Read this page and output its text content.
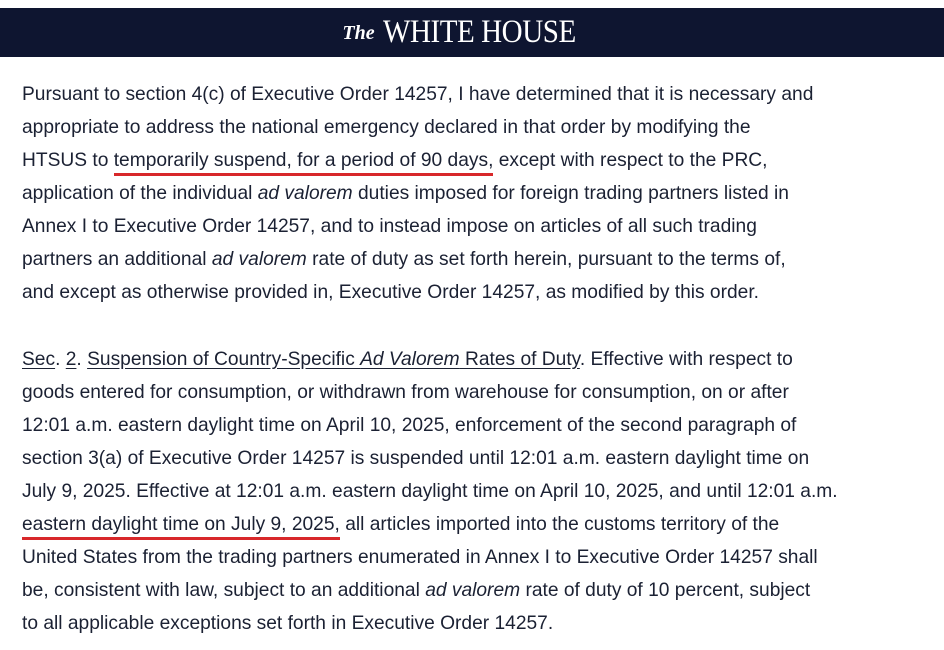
The WHITE HOUSE
Pursuant to section 4(c) of Executive Order 14257, I have determined that it is necessary and
appropriate to address the national emergency declared in that order by modifying the
HTSUS to temporarily suspend, for a period of 90 days, except with respect to the PRC,
application of the individual ad valorem duties imposed for foreign trading partners listed in
Annex I to Executive Order 14257, and to instead impose on articles of all such trading
partners an additional ad valorem rate of duty as set forth herein, pursuant to the terms of,
and except as otherwise provided in, Executive Order 14257, as modified by this order.
Sec. 2. Suspension of Country-Specific Ad Valorem Rates of Duty. Effective with respect to
goods entered for consumption, or withdrawn from warehouse for consumption, on or after
12:01 a.m. eastern daylight time on April 10, 2025, enforcement of the second paragraph of
section 3(a) of Executive Order 14257 is suspended until 12:01 a.m. eastern daylight time on
July 9, 2025. Effective at 12:01 a.m. eastern daylight time on April 10, 2025, and until 12:01 a.m.
eastern daylight time on July 9, 2025, all articles imported into the customs territory of the
United States from the trading partners enumerated in Annex I to Executive Order 14257 shall
be, consistent with law, subject to an additional ad valorem rate of duty of 10 percent, subject
to all applicable exceptions set forth in Executive Order 14257.
